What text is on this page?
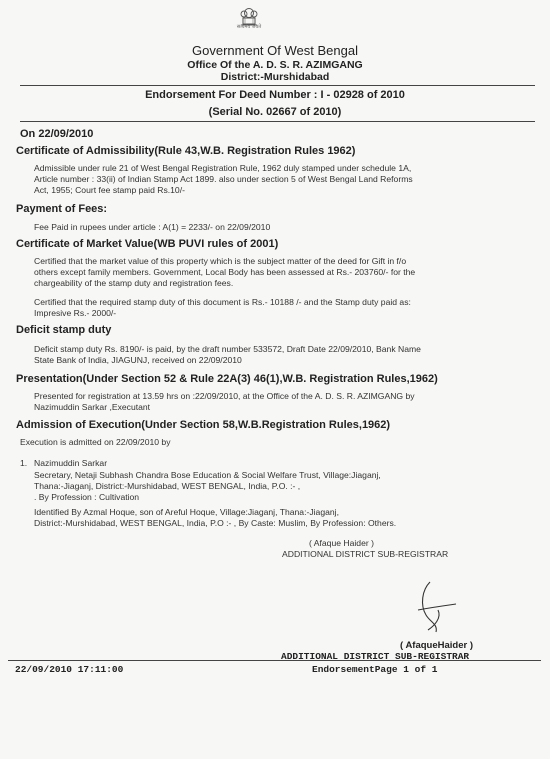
सत्यमेव जयते
Government Of West Bengal
Office Of the A. D. S. R. AZIMGANG
District:-Murshidabad
Endorsement For Deed Number : I - 02928 of 2010
(Serial No. 02667 of 2010)
On 22/09/2010
Certificate of Admissibility(Rule 43,W.B. Registration Rules 1962)
Admissible under rule 21 of West Bengal Registration Rule, 1962 duly stamped under schedule 1A,
Article number : 33(ii) of Indian Stamp Act 1899. also under section 5 of West Bengal Land Reforms
Act, 1955; Court fee stamp paid Rs.10/-
Payment of Fees:
Fee Paid in rupees under article : A(1) = 2233/- on 22/09/2010
Certificate of Market Value(WB PUVI rules of 2001)
Certified that the market value of this property which is the subject matter of the deed for Gift in f/o
others except family members. Government, Local Body has been assessed at Rs.- 203760/- for the
chargeability of the stamp duty and registration fees.
Certified that the required stamp duty of this document is Rs.- 10188 /- and the Stamp duty paid as:
Impresive Rs.- 2000/-
Deficit stamp duty
Deficit stamp duty Rs. 8190/- is paid, by the draft number 533572, Draft Date 22/09/2010, Bank Name
State Bank of India, JIAGUNJ, received on 22/09/2010
Presentation(Under Section 52 & Rule 22A(3) 46(1),W.B. Registration Rules,1962)
Presented for registration at 13.59 hrs on :22/09/2010, at the Office of the A. D. S. R. AZIMGANG by
Nazimuddin Sarkar ,Executant
Admission of Execution(Under Section 58,W.B.Registration Rules,1962)
Execution is admitted on 22/09/2010 by
1. Nazimuddin Sarkar
Secretary, Netaji Subhash Chandra Bose Education & Social Welfare Trust, Village:Jiaganj,
Thana:-Jiaganj, District:-Murshidabad, WEST BENGAL, India, P.O. :- ,
. By Profession : Cultivation
Identified By Azmal Hoque, son of Areful Hoque, Village:Jiaganj, Thana:-Jiaganj,
District:-Murshidabad, WEST BENGAL, India, P.O :- , By Caste: Muslim, By Profession: Others.
( Afaque Haider )
ADDITIONAL DISTRICT SUB-REGISTRAR
( AfaqueHaider )
ADDITIONAL DISTRICT SUB-REGISTRAR
22/09/2010 17:11:00	EndorsementPage 1 of 1
